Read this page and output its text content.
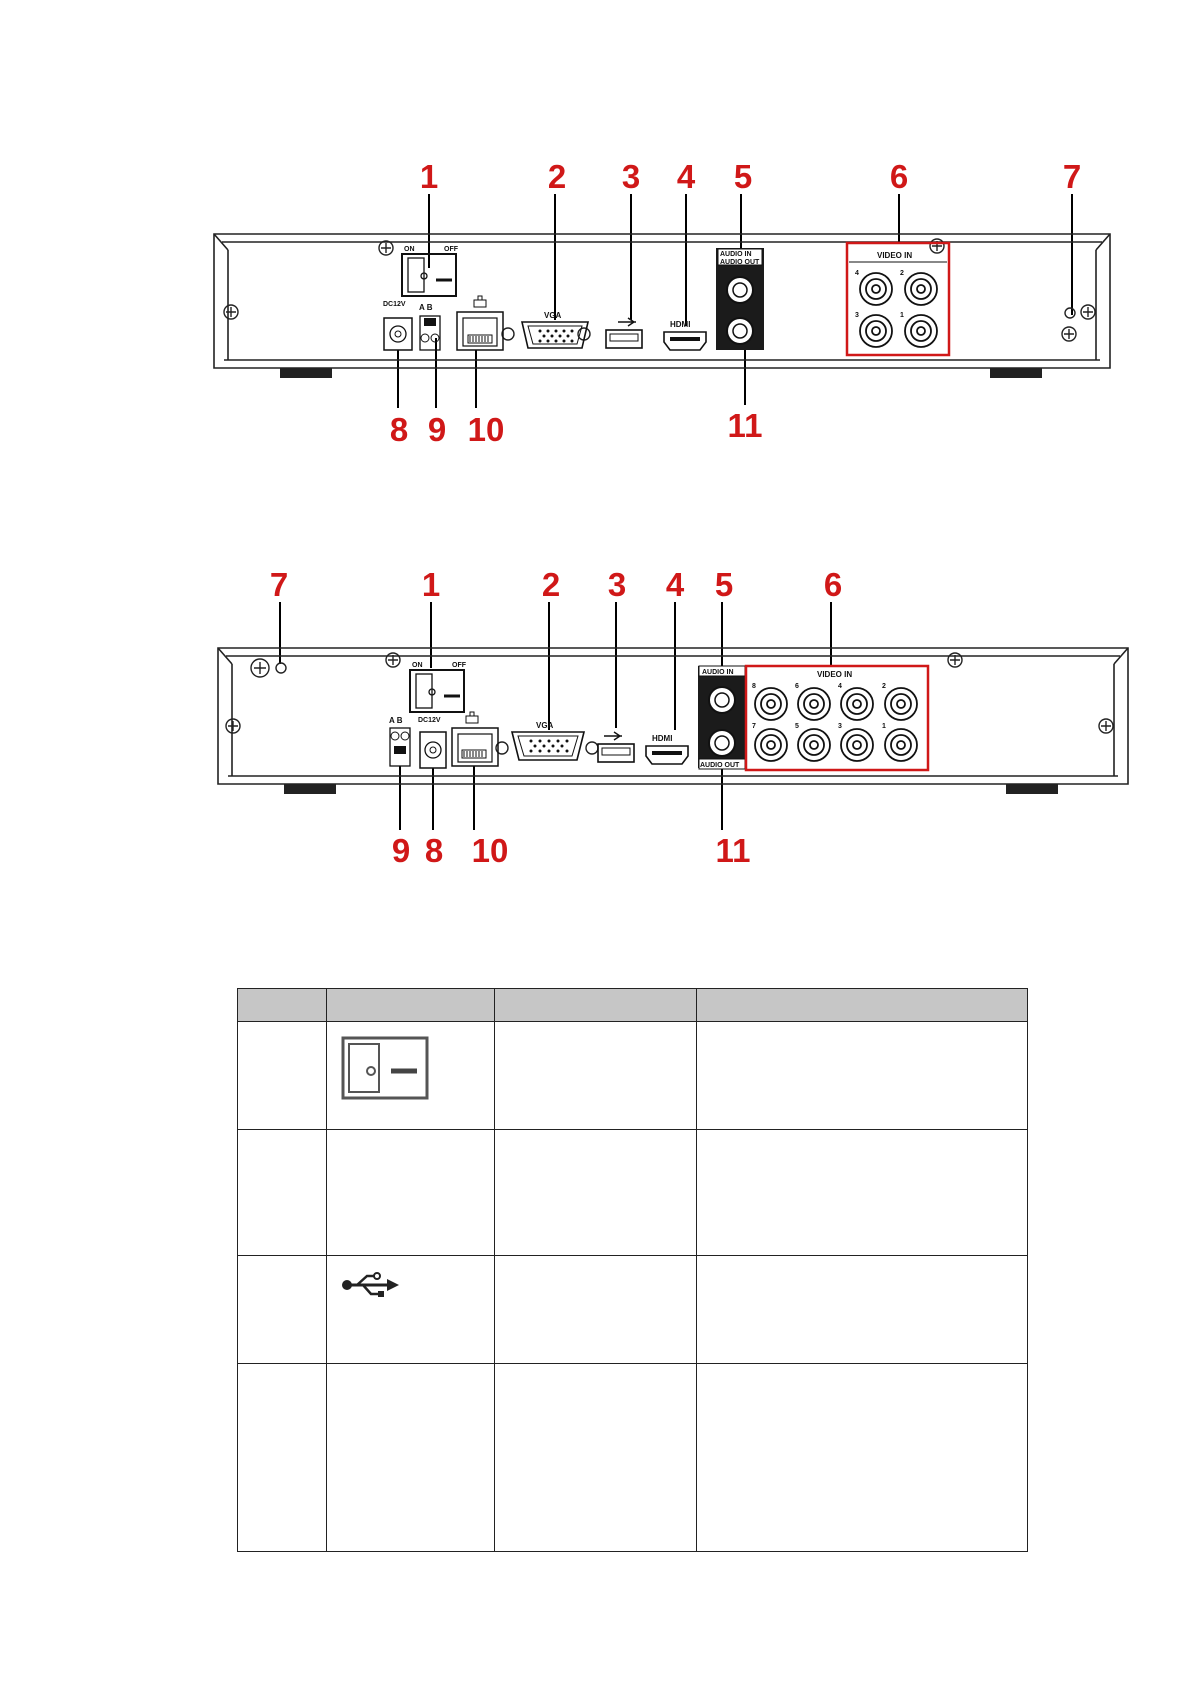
1	2 3 4 5	6	7
8 9 10	11
ON	OFF
DC12V A B
VGA
HDMI
AUDIO IN
AUDIO OUT
VIDEO IN
4	2
3	1
7	1	2 3 4 5	6
9 8 10	11
ON	OFF
A B DC12V
VGA
HDMI
AUDIO IN
AUDIO OUT
VIDEO IN
8	6	4	2
7	5	3	1
